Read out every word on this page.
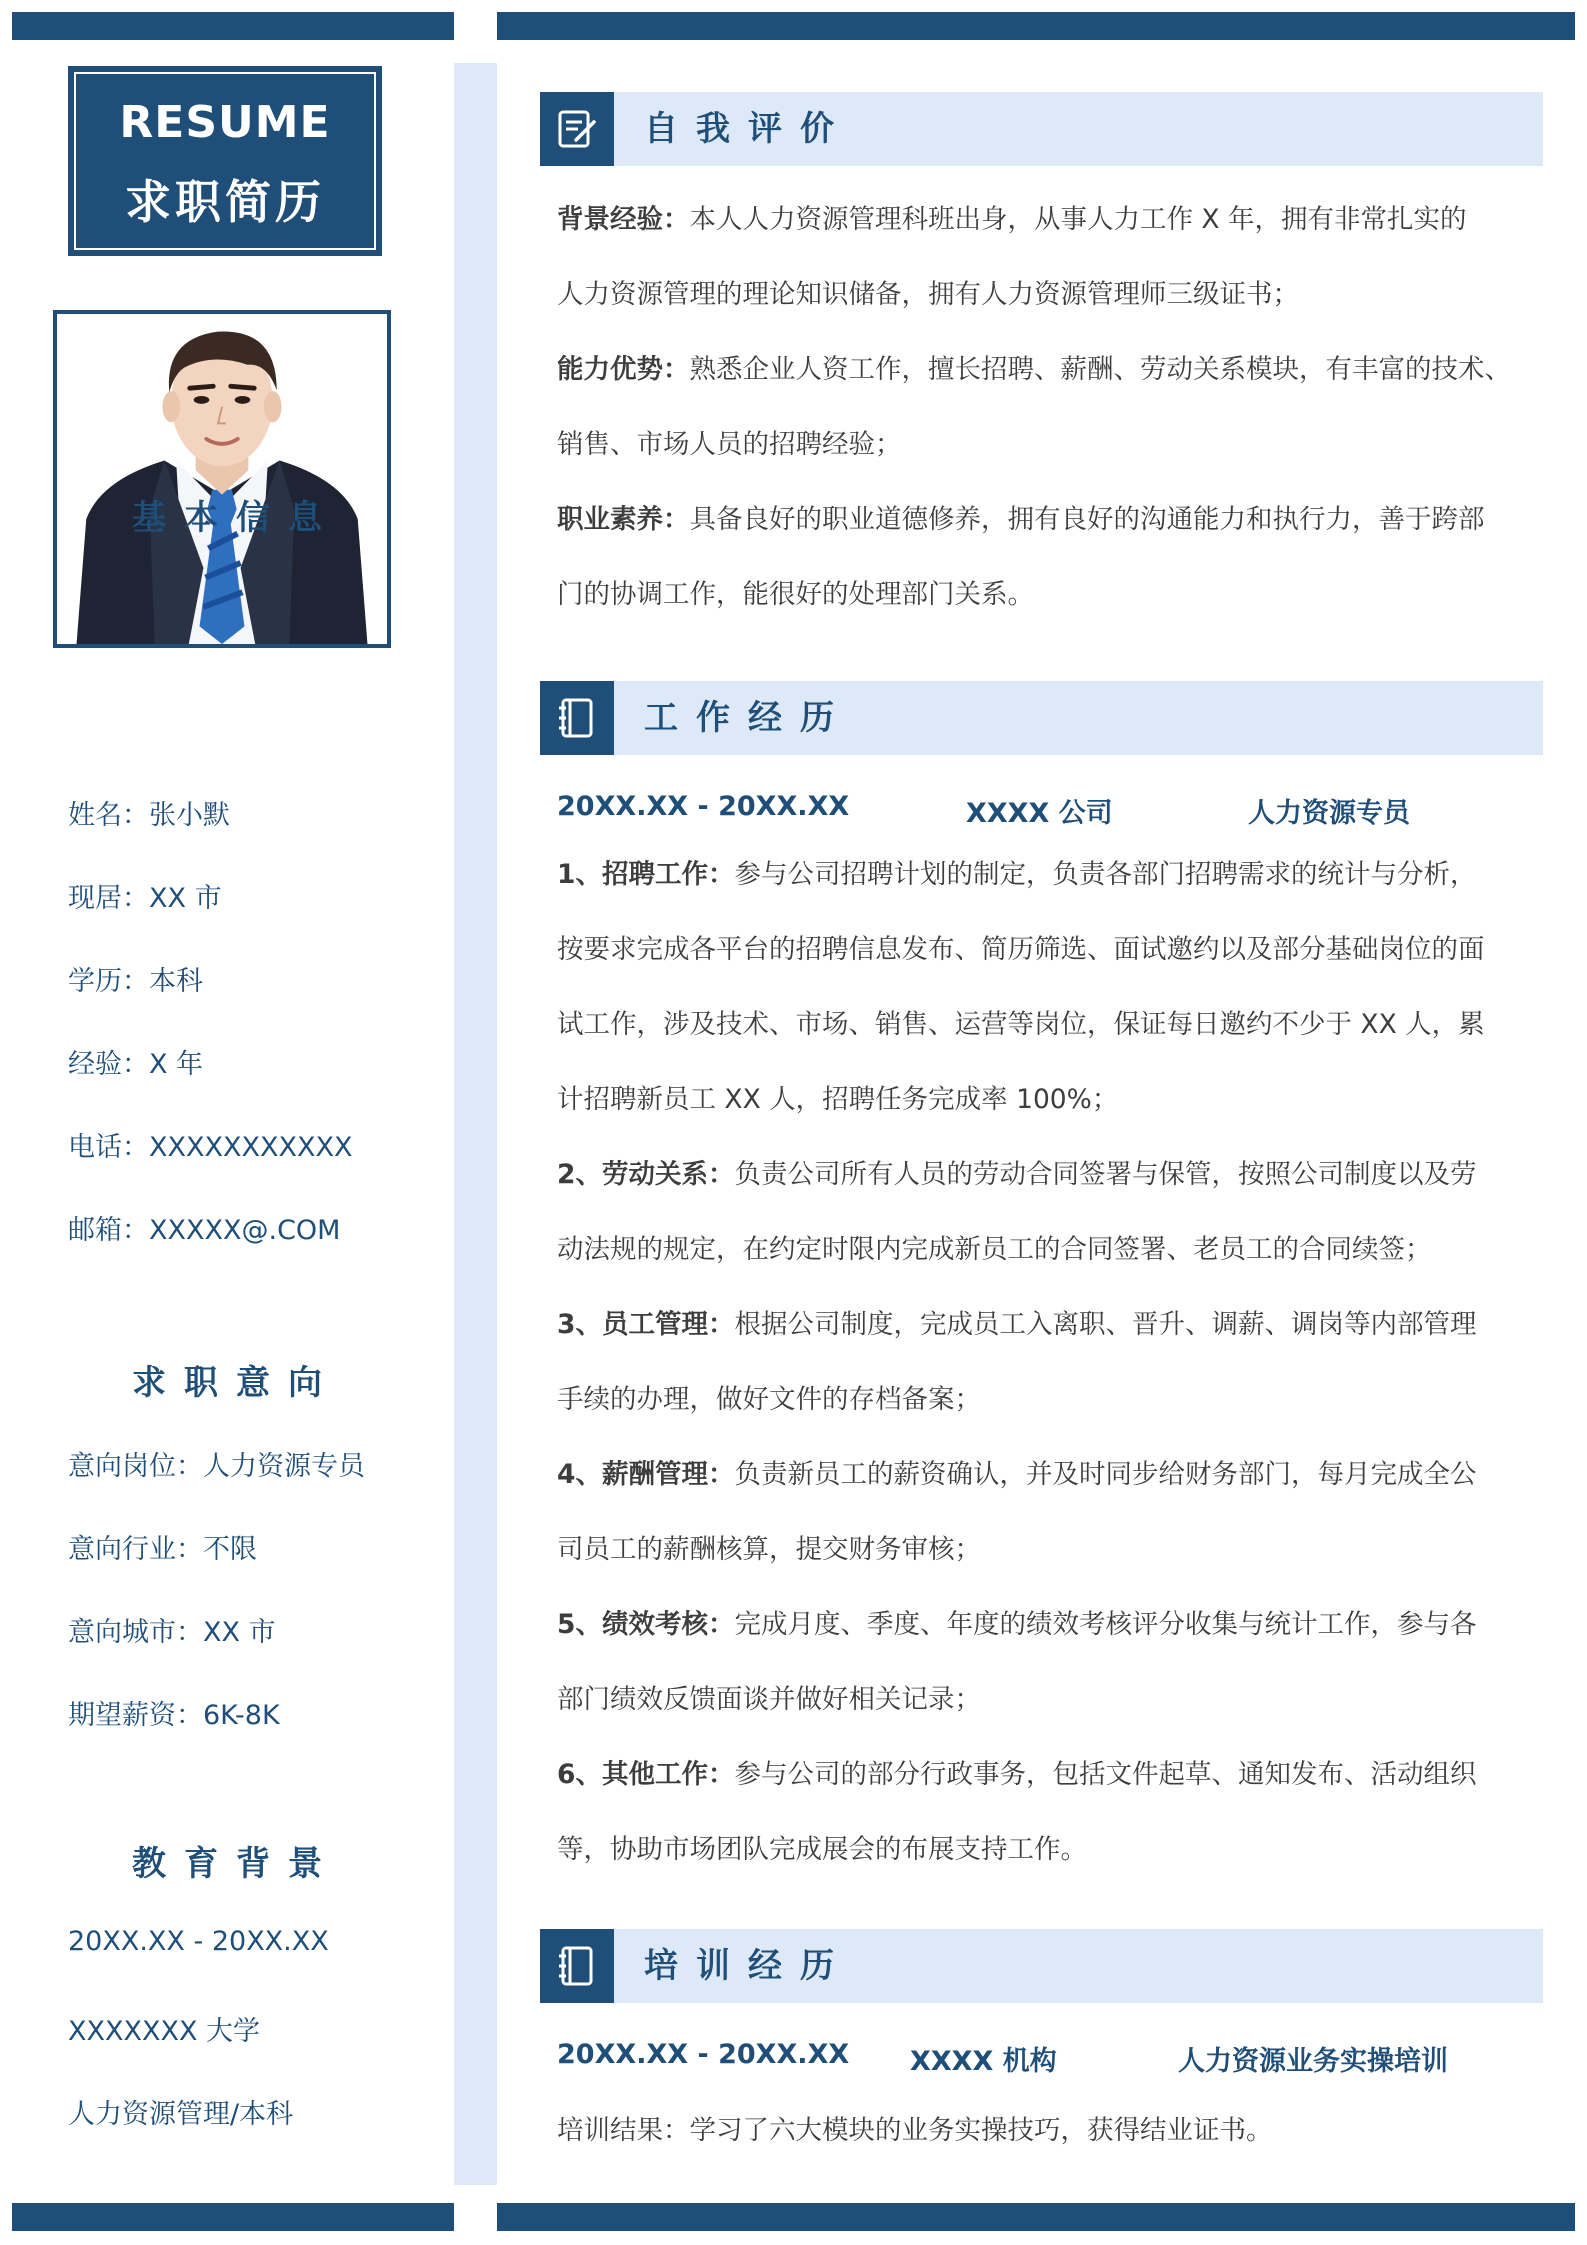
RESUME
求职简历
基本信息
姓名：张小默
现居：XX 市
学历：本科
经验：X 年
电话：XXXXXXXXXXX
邮箱：XXXXX@.COM
求职意向
意向岗位：人力资源专员
意向行业：不限
意向城市：XX 市
期望薪资：6K-8K
教育背景
20XX.XX - 20XX.XX
XXXXXXX 大学
人力资源管理/本科
自我评价
背景经验：本人人力资源管理科班出身，从事人力工作 X 年，拥有非常扎实的
人力资源管理的理论知识储备，拥有人力资源管理师三级证书；
能力优势：熟悉企业人资工作，擅长招聘、薪酬、劳动关系模块，有丰富的技术、
销售、市场人员的招聘经验；
职业素养：具备良好的职业道德修养，拥有良好的沟通能力和执行力，善于跨部
门的协调工作，能很好的处理部门关系。
工作经历
20XX.XX - 20XX.XX	XXXX 公司	人力资源专员
1、招聘工作：参与公司招聘计划的制定，负责各部门招聘需求的统计与分析，
按要求完成各平台的招聘信息发布、简历筛选、面试邀约以及部分基础岗位的面
试工作，涉及技术、市场、销售、运营等岗位，保证每日邀约不少于 XX 人，累
计招聘新员工 XX 人，招聘任务完成率 100%；
2、劳动关系：负责公司所有人员的劳动合同签署与保管，按照公司制度以及劳
动法规的规定，在约定时限内完成新员工的合同签署、老员工的合同续签；
3、员工管理：根据公司制度，完成员工入离职、晋升、调薪、调岗等内部管理
手续的办理，做好文件的存档备案；
4、薪酬管理：负责新员工的薪资确认，并及时同步给财务部门，每月完成全公
司员工的薪酬核算，提交财务审核；
5、绩效考核：完成月度、季度、年度的绩效考核评分收集与统计工作，参与各
部门绩效反馈面谈并做好相关记录；
6、其他工作：参与公司的部分行政事务，包括文件起草、通知发布、活动组织
等，协助市场团队完成展会的布展支持工作。
培训经历
20XX.XX - 20XX.XX XXXX 机构	人力资源业务实操培训
培训结果：学习了六大模块的业务实操技巧，获得结业证书。
